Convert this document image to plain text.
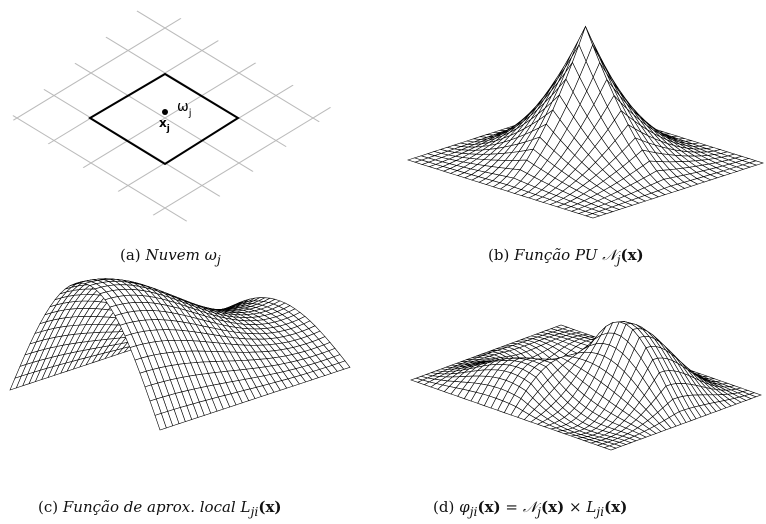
$x_j$
$\omega_j$
(a) Nuvem $\omega_j$	(b) Função PU 𝒩$_j$(x)
(c) Função de aprox. local $L_{ji}(x)$	(d) $\varphi_{ji}(x)$ = 𝒩$_j$(x) × $L_{ji}(x)$
